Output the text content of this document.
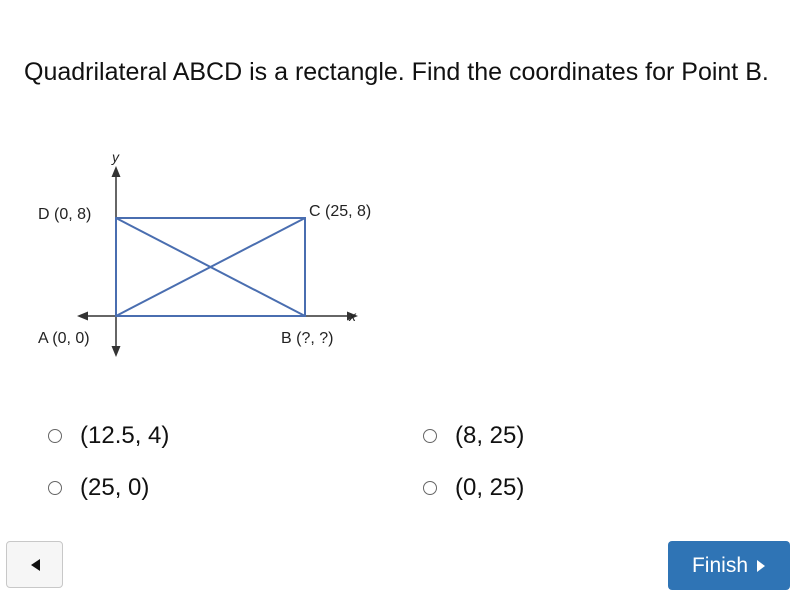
Quadrilateral ABCD is a rectangle. Find the coordinates for Point B.
y
x
D (0, 8)	C (25, 8)
A (0, 0)	B (?, ?)
(12.5, 4)	(8, 25)
(25, 0)	(0, 25)
Finish
